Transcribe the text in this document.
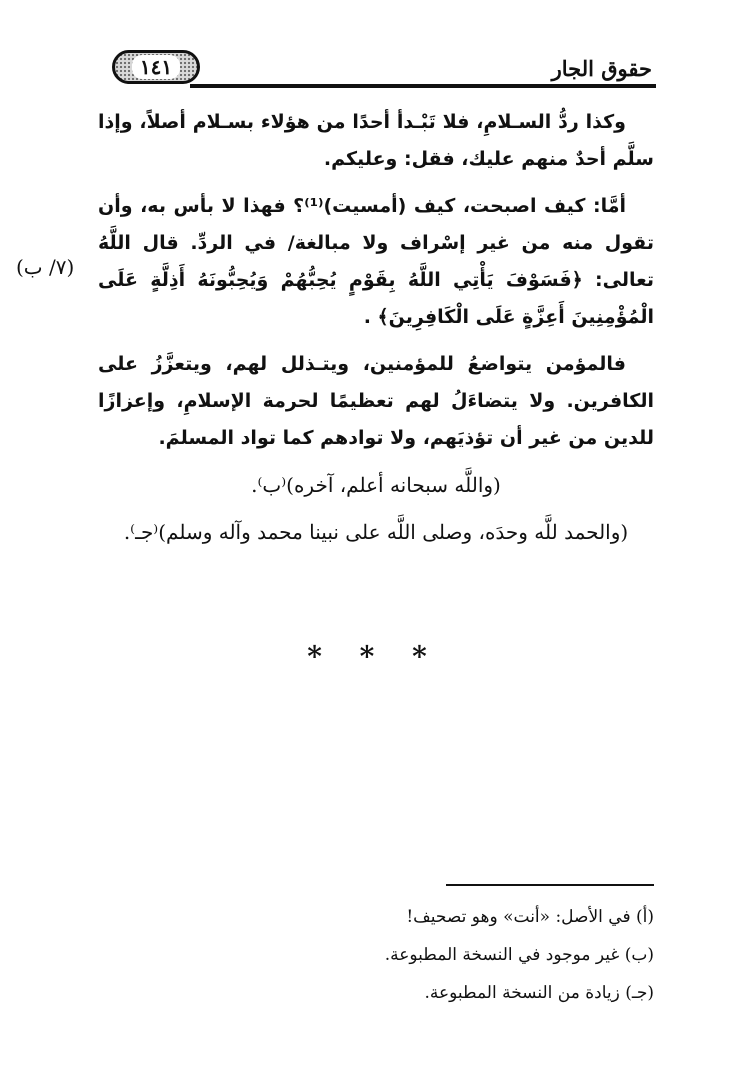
١٤١	حقوق الجار
(٧/ ب)

وكذا ردُّ السـلامِ، فلا تَبْـدأ أحدًا من هؤلاء بسـلام أصلاً، وإذا سلَّم أحدٌ منهم عليك، فقل: وعليكم.

أمَّا: كيف اصبحت، كيف (أمسيت)⁽¹⁾؟ فهذا لا بأس به، وأن تقول منه من غير إسْراف ولا مبالغة/ في الردِّ. قال اللَّهُ تعالى: ﴿فَسَوْفَ يَأْتِي اللَّهُ بِقَوْمٍ يُحِبُّهُمْ وَيُحِبُّونَهُ أَذِلَّةٍ عَلَى الْمُؤْمِنِينَ أَعِزَّةٍ عَلَى الْكَافِرِينَ﴾ .

فالمؤمن يتواضعُ للمؤمنين، ويتـذلل لهم، ويتعزَّزُ على الكافرين. ولا يتضاءَلُ لهم تعظيمًا لحرمة الإسلامِ، وإعزازًا للدين من غير أن تؤذيَهم، ولا توادهم كما تواد المسلمَ.

(واللَّه سبحانه أعلم، آخره)⁽ب⁾.

(والحمد للَّه وحدَه، وصلى اللَّه على نبينا محمد وآله وسلم)⁽جـ⁾.

* * *
(أ) في الأصل: «أنت» وهو تصحيف!
(ب) غير موجود في النسخة المطبوعة.
(جـ) زيادة من النسخة المطبوعة.
